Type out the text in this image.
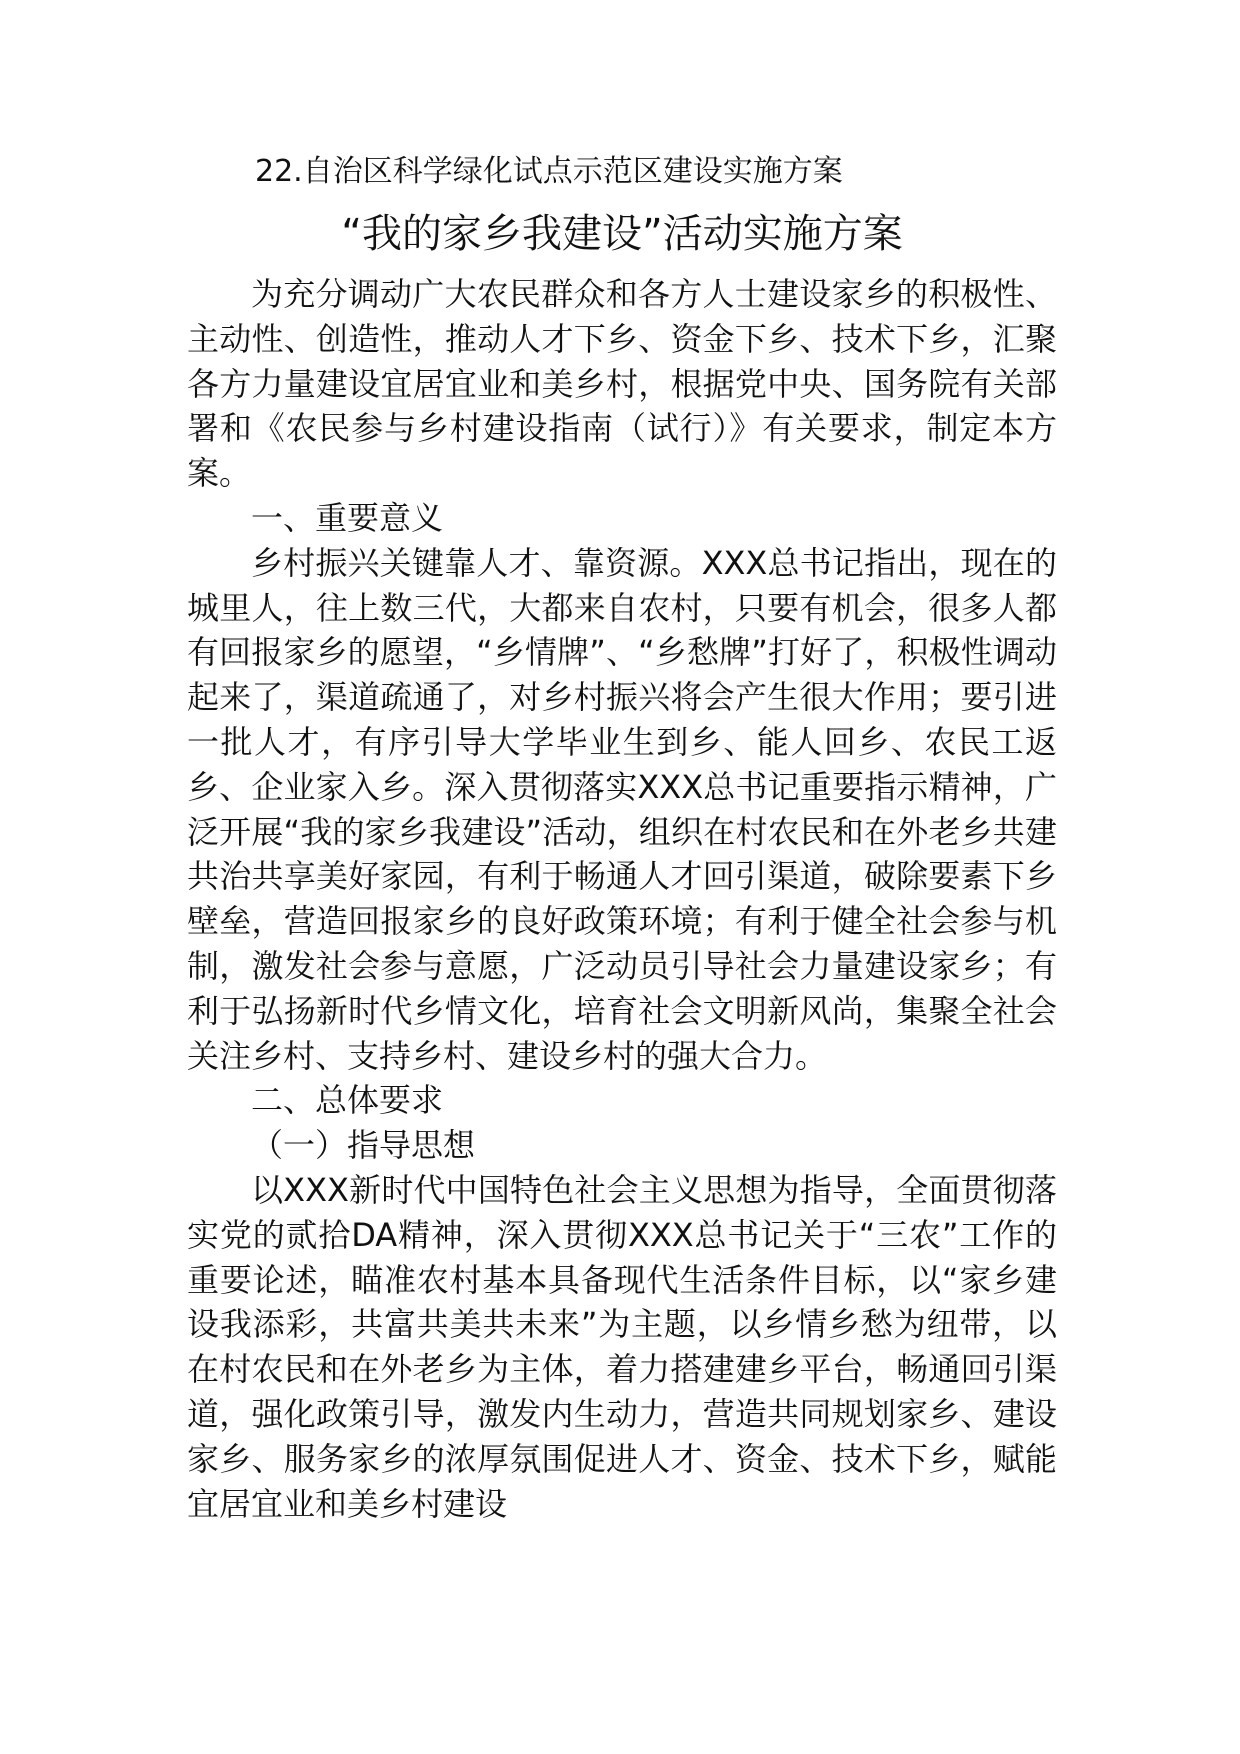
22.自治区科学绿化试点示范区建设实施方案
“我的家乡我建设”活动实施方案

为充分调动广大农民群众和各方人士建设家乡的积极性、主动性、创造性，推动人才下乡、资金下乡、技术下乡，汇聚各方力量建设宜居宜业和美乡村，根据党中央、国务院有关部署和《农民参与乡村建设指南（试行）》有关要求，制定本方案。

一、重要意义

乡村振兴关键靠人才、靠资源。XXX总书记指出，现在的城里人，往上数三代，大都来自农村，只要有机会，很多人都有回报家乡的愿望，“乡情牌”、“乡愁牌”打好了，积极性调动起来了，渠道疏通了，对乡村振兴将会产生很大作用；要引进一批人才，有序引导大学毕业生到乡、能人回乡、农民工返乡、企业家入乡。深入贯彻落实XXX总书记重要指示精神，广泛开展“我的家乡我建设”活动，组织在村农民和在外老乡共建共治共享美好家园，有利于畅通人才回引渠道，破除要素下乡壁垒，营造回报家乡的良好政策环境；有利于健全社会参与机制，激发社会参与意愿，广泛动员引导社会力量建设家乡；有利于弘扬新时代乡情文化，培育社会文明新风尚，集聚全社会关注乡村、支持乡村、建设乡村的强大合力。

二、总体要求

（一）指导思想

以XXX新时代中国特色社会主义思想为指导，全面贯彻落实党的贰拾DA精神，深入贯彻XXX总书记关于“三农”工作的重要论述，瞄准农村基本具备现代生活条件目标，以“家乡建设我添彩，共富共美共未来”为主题，以乡情乡愁为纽带，以在村农民和在外老乡为主体，着力搭建建乡平台，畅通回引渠道，强化政策引导，激发内生动力，营造共同规划家乡、建设家乡、服务家乡的浓厚氛围促进人才、资金、技术下乡，赋能宜居宜业和美乡村建设
